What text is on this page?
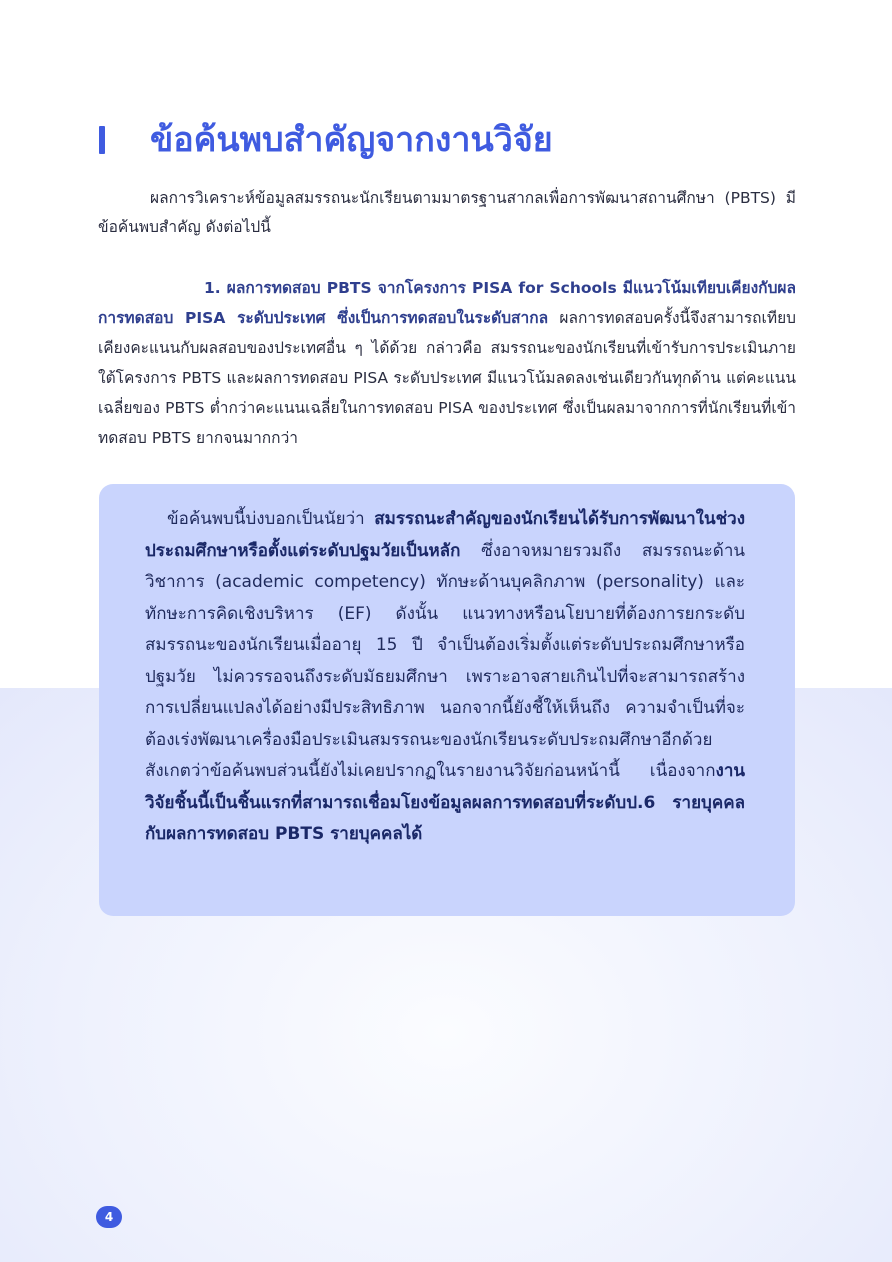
ข้อค้นพบสำคัญจากงานวิจัย

ผลการวิเคราะห์ข้อมูลสมรรถนะนักเรียนตามมาตรฐานสากลเพื่อการพัฒนาสถานศึกษา (PBTS) มีข้อค้นพบสำคัญ ดังต่อไปนี้

1. ผลการทดสอบ PBTS จากโครงการ PISA for Schools มีแนวโน้มเทียบเคียงกับผลการทดสอบ PISA ระดับประเทศ ซึ่งเป็นการทดสอบในระดับสากล ผลการทดสอบครั้งนี้จึงสามารถเทียบเคียงคะแนนกับผลสอบของประเทศอื่น ๆ ได้ด้วย กล่าวคือ สมรรถนะของนักเรียนที่เข้ารับการประเมินภายใต้โครงการ PBTS และผลการทดสอบ PISA ระดับประเทศ มีแนวโน้มลดลงเช่นเดียวกันทุกด้าน แต่คะแนนเฉลี่ยของ PBTS ต่ำกว่าคะแนนเฉลี่ยในการทดสอบ PISA ของประเทศ ซึ่งเป็นผลมาจากการที่นักเรียนที่เข้าทดสอบ PBTS ยากจนมากกว่า

ข้อค้นพบนี้บ่งบอกเป็นนัยว่า สมรรถนะสำคัญของนักเรียนได้รับการพัฒนาในช่วงประถมศึกษาหรือตั้งแต่ระดับปฐมวัยเป็นหลัก ซึ่งอาจหมายรวมถึง สมรรถนะด้านวิชาการ (academic competency) ทักษะด้านบุคลิกภาพ (personality) และทักษะการคิดเชิงบริหาร (EF) ดังนั้น แนวทางหรือนโยบายที่ต้องการยกระดับสมรรถนะของนักเรียนเมื่ออายุ 15 ปี จำเป็นต้องเริ่มตั้งแต่ระดับประถมศึกษาหรือปฐมวัย ไม่ควรรอจนถึงระดับมัธยมศึกษา เพราะอาจสายเกินไปที่จะสามารถสร้างการเปลี่ยนแปลงได้อย่างมีประสิทธิภาพ นอกจากนี้ยังชี้ให้เห็นถึง ความจำเป็นที่จะต้องเร่งพัฒนาเครื่องมือประเมินสมรรถนะของนักเรียนระดับประถมศึกษาอีกด้วย สังเกตว่าข้อค้นพบส่วนนี้ยังไม่เคยปรากฏในรายงานวิจัยก่อนหน้านี้ เนื่องจากงานวิจัยชิ้นนี้เป็นชิ้นแรกที่สามารถเชื่อมโยงข้อมูลผลการทดสอบที่ระดับป.6 รายบุคคล กับผลการทดสอบ PBTS รายบุคคลได้

4
